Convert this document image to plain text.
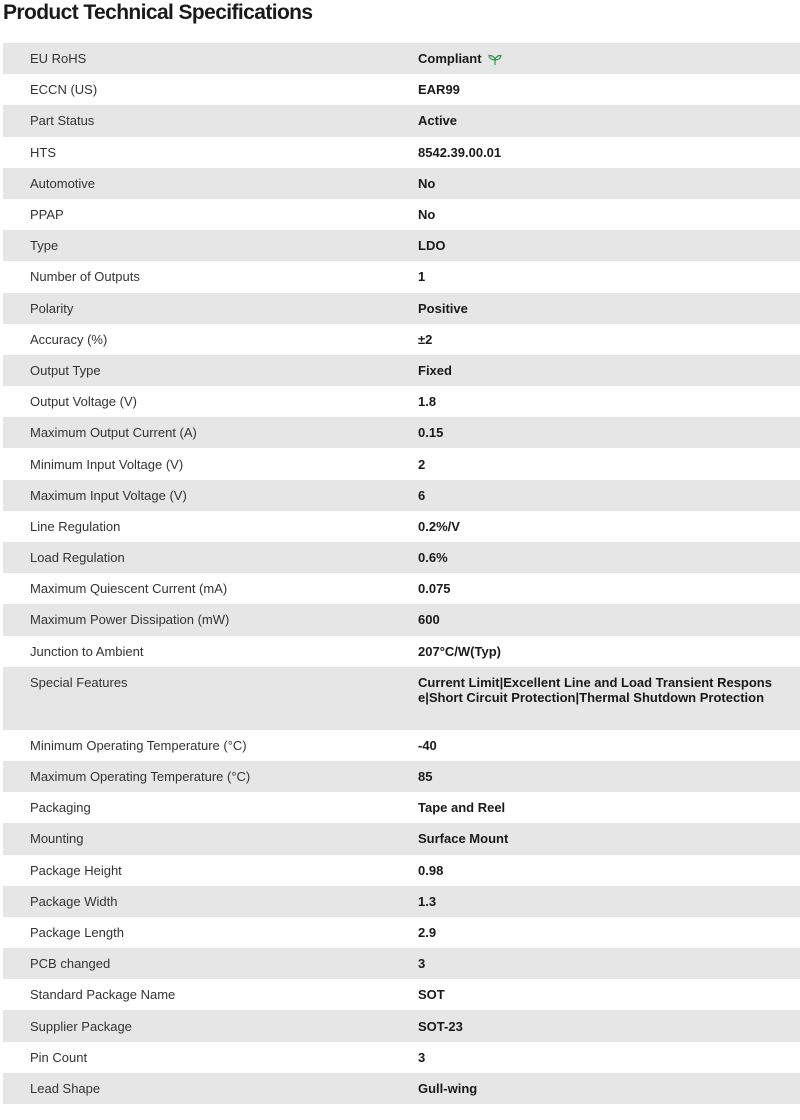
Product Technical Specifications
EU RoHS	Compliant
ECCN (US)	EAR99
Part Status	Active
HTS	8542.39.00.01
Automotive	No
PPAP	No
Type	LDO
Number of Outputs	1
Polarity	Positive
Accuracy (%)	±2
Output Type	Fixed
Output Voltage (V)	1.8
Maximum Output Current (A)	0.15
Minimum Input Voltage (V)	2
Maximum Input Voltage (V)	6
Line Regulation	0.2%/V
Load Regulation	0.6%
Maximum Quiescent Current (mA)	0.075
Maximum Power Dissipation (mW)	600
Junction to Ambient	207°C/W(Typ)
Special Features	Current Limit|Excellent Line and Load Transient Response|Short Circuit Protection|Thermal Shutdown Protection
Minimum Operating Temperature (°C)	-40
Maximum Operating Temperature (°C)	85
Packaging	Tape and Reel
Mounting	Surface Mount
Package Height	0.98
Package Width	1.3
Package Length	2.9
PCB changed	3
Standard Package Name	SOT
Supplier Package	SOT-23
Pin Count	3
Lead Shape	Gull-wing
